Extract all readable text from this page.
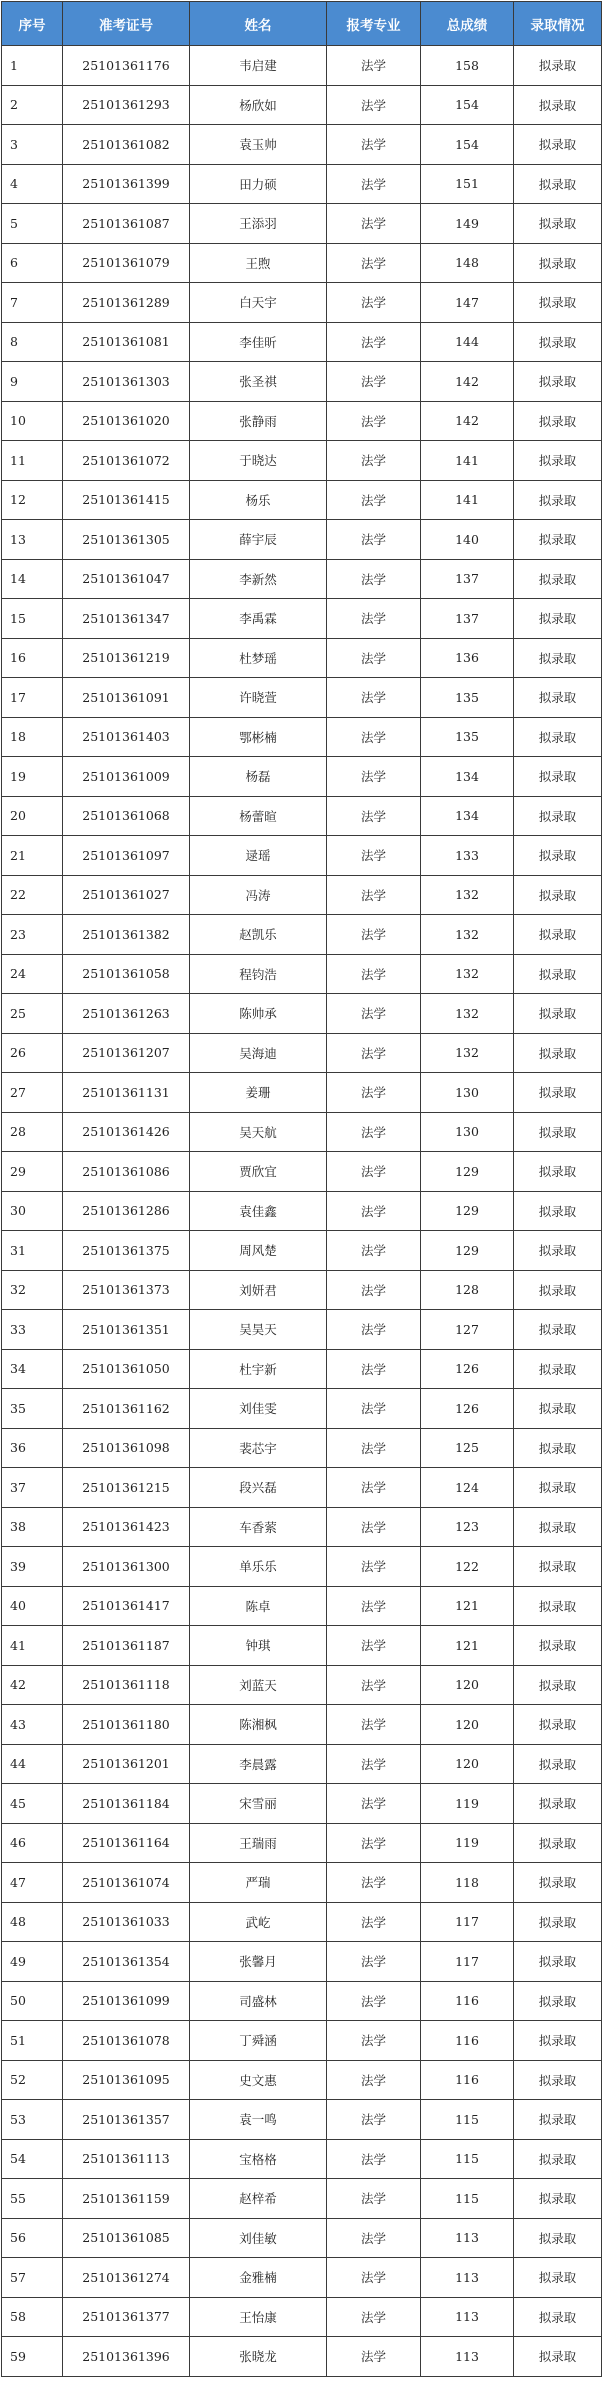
序号	准考证号	姓名	报考专业	总成绩	录取情况
1	25101361176	韦启建	法学	158	拟录取
2	25101361293	杨欣如	法学	154	拟录取
3	25101361082	袁玉帅	法学	154	拟录取
4	25101361399	田力硕	法学	151	拟录取
5	25101361087	王添羽	法学	149	拟录取
6	25101361079	王煦	法学	148	拟录取
7	25101361289	白天宇	法学	147	拟录取
8	25101361081	李佳昕	法学	144	拟录取
9	25101361303	张圣祺	法学	142	拟录取
10	25101361020	张静雨	法学	142	拟录取
11	25101361072	于晓达	法学	141	拟录取
12	25101361415	杨乐	法学	141	拟录取
13	25101361305	薛宇辰	法学	140	拟录取
14	25101361047	李新然	法学	137	拟录取
15	25101361347	李禹霖	法学	137	拟录取
16	25101361219	杜梦瑶	法学	136	拟录取
17	25101361091	许晓萱	法学	135	拟录取
18	25101361403	鄂彬楠	法学	135	拟录取
19	25101361009	杨磊	法学	134	拟录取
20	25101361068	杨蕾暄	法学	134	拟录取
21	25101361097	逯瑶	法学	133	拟录取
22	25101361027	冯涛	法学	132	拟录取
23	25101361382	赵凯乐	法学	132	拟录取
24	25101361058	程钧浩	法学	132	拟录取
25	25101361263	陈帅承	法学	132	拟录取
26	25101361207	吴海迪	法学	132	拟录取
27	25101361131	姜珊	法学	130	拟录取
28	25101361426	吴天航	法学	130	拟录取
29	25101361086	贾欣宜	法学	129	拟录取
30	25101361286	袁佳鑫	法学	129	拟录取
31	25101361375	周风楚	法学	129	拟录取
32	25101361373	刘妍君	法学	128	拟录取
33	25101361351	吴昊天	法学	127	拟录取
34	25101361050	杜宇新	法学	126	拟录取
35	25101361162	刘佳雯	法学	126	拟录取
36	25101361098	裴芯宇	法学	125	拟录取
37	25101361215	段兴磊	法学	124	拟录取
38	25101361423	车香萦	法学	123	拟录取
39	25101361300	单乐乐	法学	122	拟录取
40	25101361417	陈卓	法学	121	拟录取
41	25101361187	钟琪	法学	121	拟录取
42	25101361118	刘蓝天	法学	120	拟录取
43	25101361180	陈湘枫	法学	120	拟录取
44	25101361201	李晨露	法学	120	拟录取
45	25101361184	宋雪丽	法学	119	拟录取
46	25101361164	王瑞雨	法学	119	拟录取
47	25101361074	严瑞	法学	118	拟录取
48	25101361033	武屹	法学	117	拟录取
49	25101361354	张馨月	法学	117	拟录取
50	25101361099	司盛林	法学	116	拟录取
51	25101361078	丁舜涵	法学	116	拟录取
52	25101361095	史文惠	法学	116	拟录取
53	25101361357	袁一鸣	法学	115	拟录取
54	25101361113	宝格格	法学	115	拟录取
55	25101361159	赵梓希	法学	115	拟录取
56	25101361085	刘佳敏	法学	113	拟录取
57	25101361274	金雅楠	法学	113	拟录取
58	25101361377	王怡康	法学	113	拟录取
59	25101361396	张晓龙	法学	113	拟录取
